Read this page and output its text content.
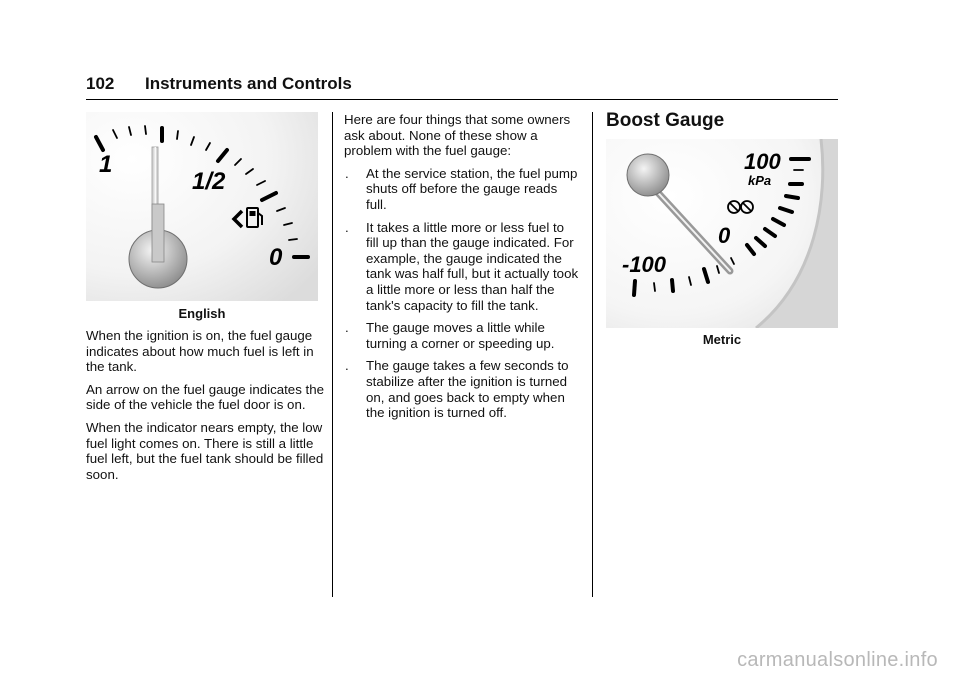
102 Instruments and Controls
1
1/2
0
English

When the ignition is on, the fuel gauge indicates about how much fuel is left in the tank.

An arrow on the fuel gauge indicates the side of the vehicle the fuel door is on.

When the indicator nears empty, the low fuel light comes on. There is still a little fuel left, but the fuel tank should be filled soon.

Here are four things that some owners ask about. None of these show a problem with the fuel gauge:

. At the service station, the fuel pump shuts off before the gauge reads full.
. It takes a little more or less fuel to fill up than the gauge indicated. For example, the gauge indicated the tank was half full, but it actually took a little more or less than half the tank's capacity to fill the tank.
. The gauge moves a little while turning a corner or speeding up.
. The gauge takes a few seconds to stabilize after the ignition is turned on, and goes back to empty when the ignition is turned off.
Boost Gauge
100
kPa
0
-100
Metric
carmanualsonline.info
